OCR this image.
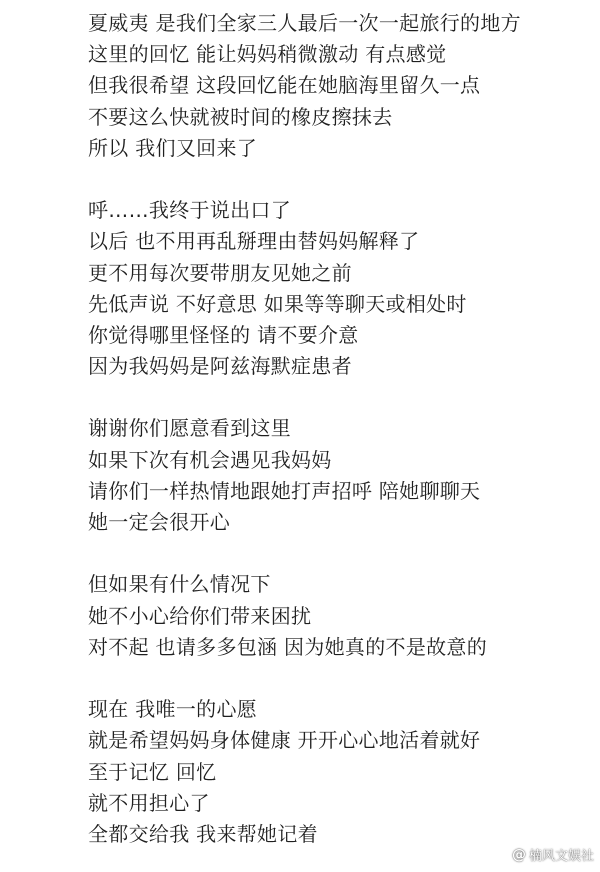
夏威夷 是我们全家三人最后一次一起旅行的地方
这里的回忆 能让妈妈稍微激动 有点感觉
但我很希望 这段回忆能在她脑海里留久一点
不要这么快就被时间的橡皮擦抹去
所以 我们又回来了
呼……我终于说出口了
以后 也不用再乱掰理由替妈妈解释了
更不用每次要带朋友见她之前
先低声说 不好意思 如果等等聊天或相处时
你觉得哪里怪怪的 请不要介意
因为我妈妈是阿兹海默症患者
谢谢你们愿意看到这里
如果下次有机会遇见我妈妈
请你们一样热情地跟她打声招呼 陪她聊聊天
她一定会很开心
但如果有什么情况下
她不小心给你们带来困扰
对不起 也请多多包涵 因为她真的不是故意的
现在 我唯一的心愿
就是希望妈妈身体健康 开开心心地活着就好
至于记忆 回忆
就不用担心了
全都交给我 我来帮她记着
@ 楠风文娱社
